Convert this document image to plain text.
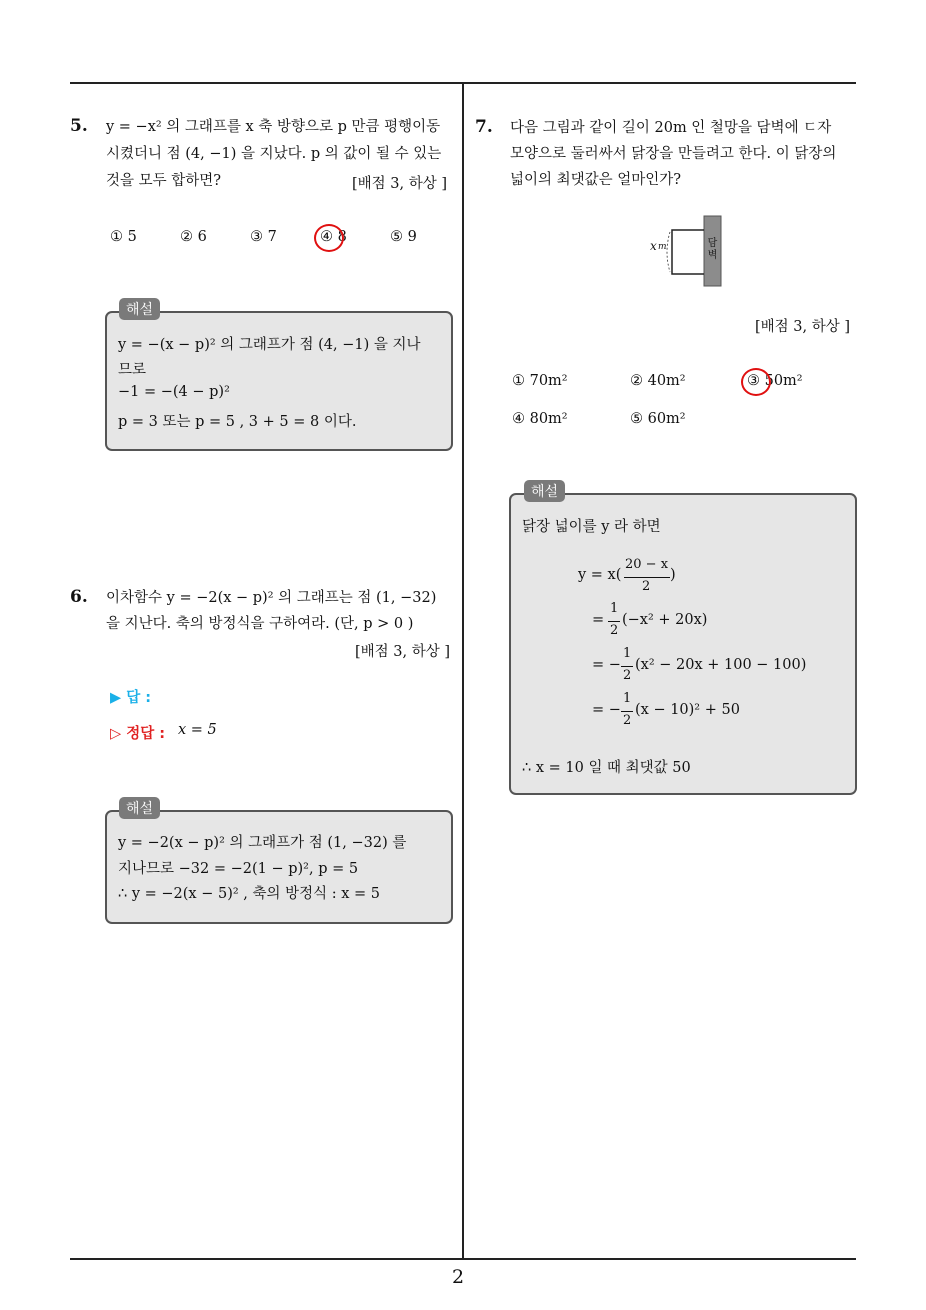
2
5. y = −x² 의 그래프를 x 축 방향으로 p 만큼 평행이동
시켰더니 점 (4, −1) 을 지났다. p 의 값이 될 수 있는
것을 모두 합하면?	[배점 3, 하상 ]
① 5	② 6	③ 7	④ 8	⑤ 9
해설
y = −(x − p)² 의 그래프가 점 (4, −1) 을 지나
므로
−1 = −(4 − p)²
p = 3 또는 p = 5 , 3 + 5 = 8 이다.
6. 이차함수 y = −2(x − p)² 의 그래프는 점 (1, −32)
을 지난다. 축의 방정식을 구하여라. (단, p > 0 )
[배점 3, 하상 ]
▶ 답 :
▷ 정답 : x = 5
해설
y = −2(x − p)² 의 그래프가 점 (1, −32) 를
지나므로 −32 = −2(1 − p)², p = 5
∴ y = −2(x − 5)² , 축의 방정식 : x = 5
7. 다음 그림과 같이 길이 20m 인 철망을 담벽에 ㄷ자
모양으로 둘러싸서 닭장을 만들려고 한다. 이 닭장의
넓이의 최댓값은 얼마인가?
x m	담벽
[배점 3, 하상 ]
① 70m²	② 40m²	③ 50m²
④ 80m²	⑤ 60m²
해설
닭장 넓이를 y 라 하면
y = x(
20 − x
2
)
=
1
2
(−x² + 20x)
= −
1
2
(x² − 20x + 100 − 100)
= −
1
2
(x − 10)² + 50
∴ x = 10 일 때 최댓값 50
